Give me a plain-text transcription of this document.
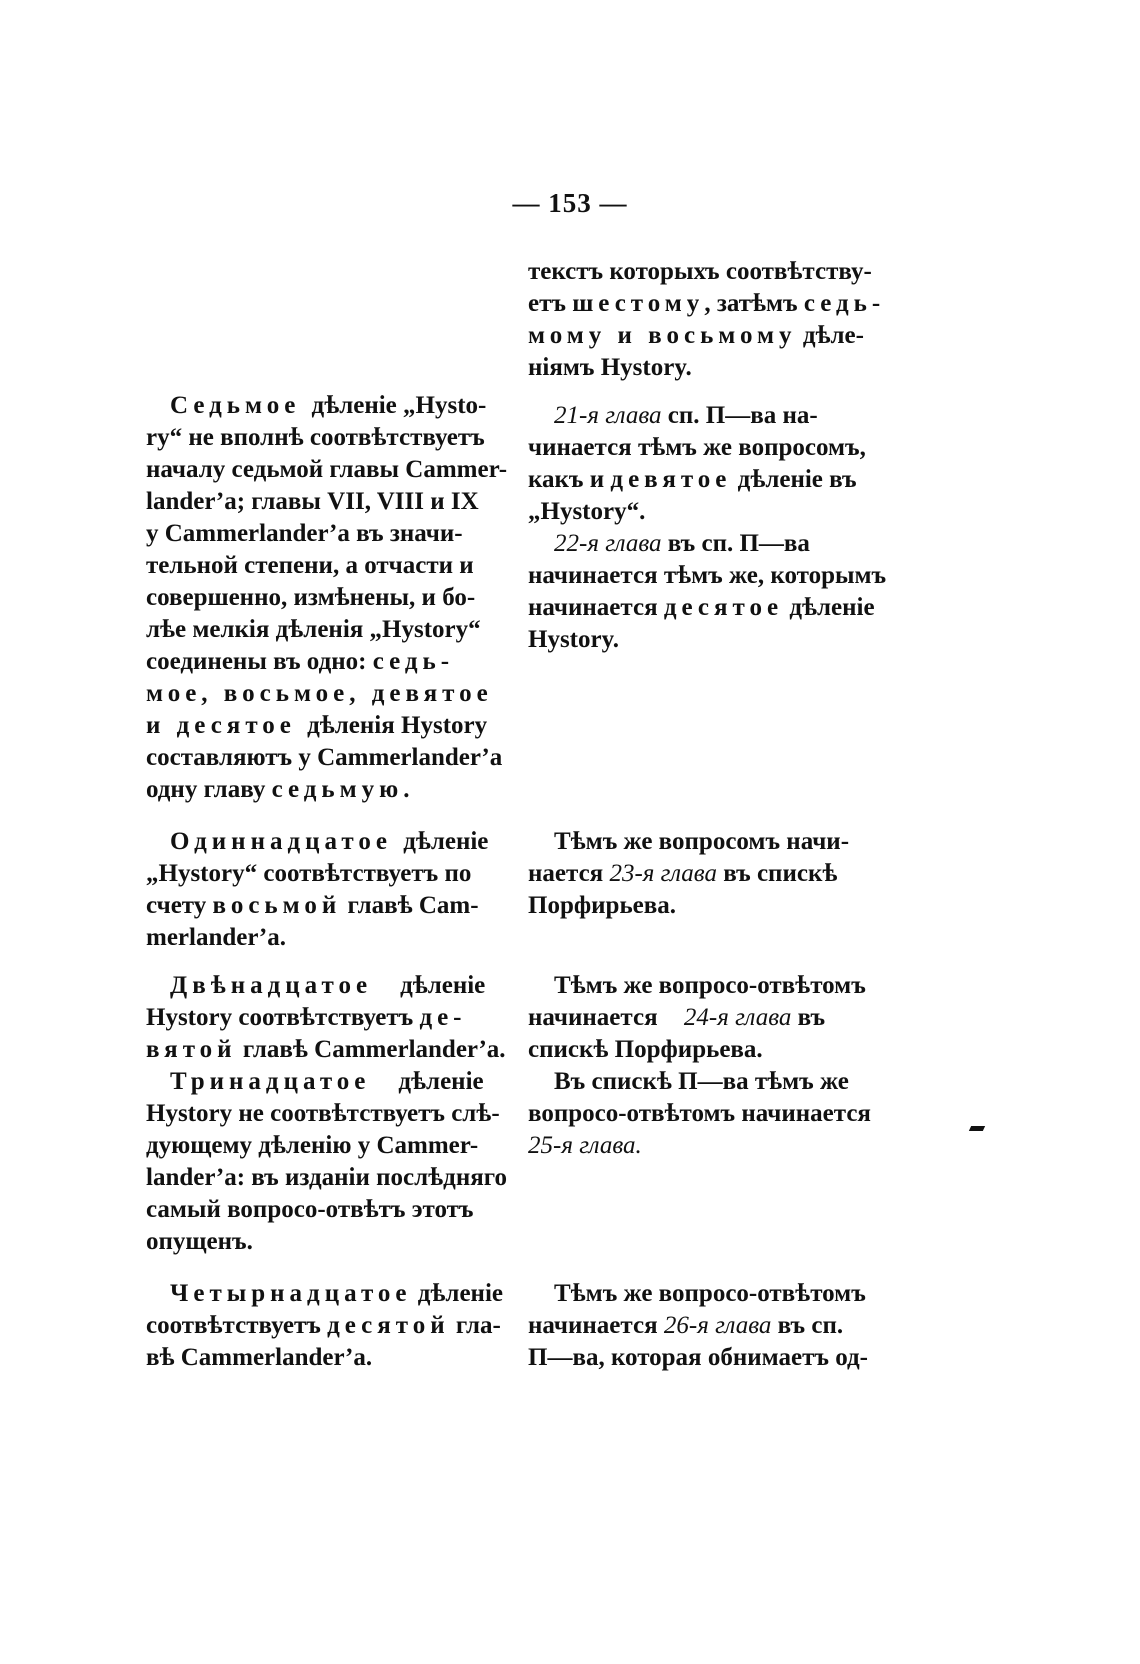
— 153 —
Седьмое дѣленіе „Hysto-
ry“ не вполнѣ соотвѣтствуетъ
началу седьмой главы Cammer-
lander’a; главы VII, VIII и IX
у Cammerlander’a въ значи-
тельной степени, а отчасти и
совершенно, измѣнены, и бо-
лѣе мелкія дѣленія „Hystory“
соединены въ одно: седь-
мое, восьмое, девятое
и десятое дѣленія Hystory
составляютъ у Cammerlander’a
одну главу седьмую.
Одиннадцатое дѣленіе
„Hystory“ соотвѣтствуетъ по
счету восьмой главѣ Cam-
merlander’a.
Двѣнадцатое дѣленіе
Hystory соотвѣтствуетъ де-
вятой главѣ Cammerlander’a.
Тринадцатое дѣленіе
Hystory не соотвѣтствуетъ слѣ-
дующему дѣленію у Cammer-
lander’a: въ изданіи послѣдняго
самый вопросо-отвѣтъ этотъ
опущенъ.
Четырнадцатое дѣленіе
соотвѣтствуетъ десятой гла-
вѣ Cammerlander’a.
текстъ которыхъ соотвѣтству-
етъ шестому, затѣмъ седь-
мому и восьмому дѣле-
ніямъ Hystory.
21-я глава сп. П—ва на-
чинается тѣмъ же вопросомъ,
какъ и девятое дѣленіе въ
„Hystory“.
22-я глава въ сп. П—ва
начинается тѣмъ же, которымъ
начинается десятое дѣленіе
Hystory.
Тѣмъ же вопросомъ начи-
нается 23-я глава въ спискѣ
Порфирьева.
Тѣмъ же вопросо-отвѣтомъ
начинается 24-я глава въ
спискѣ Порфирьева.
Въ спискѣ П—ва тѣмъ же
вопросо-отвѣтомъ начинается
25-я глава.
Тѣмъ же вопросо-отвѣтомъ
начинается 26-я глава въ сп.
П—ва, которая обнимаетъ од-
